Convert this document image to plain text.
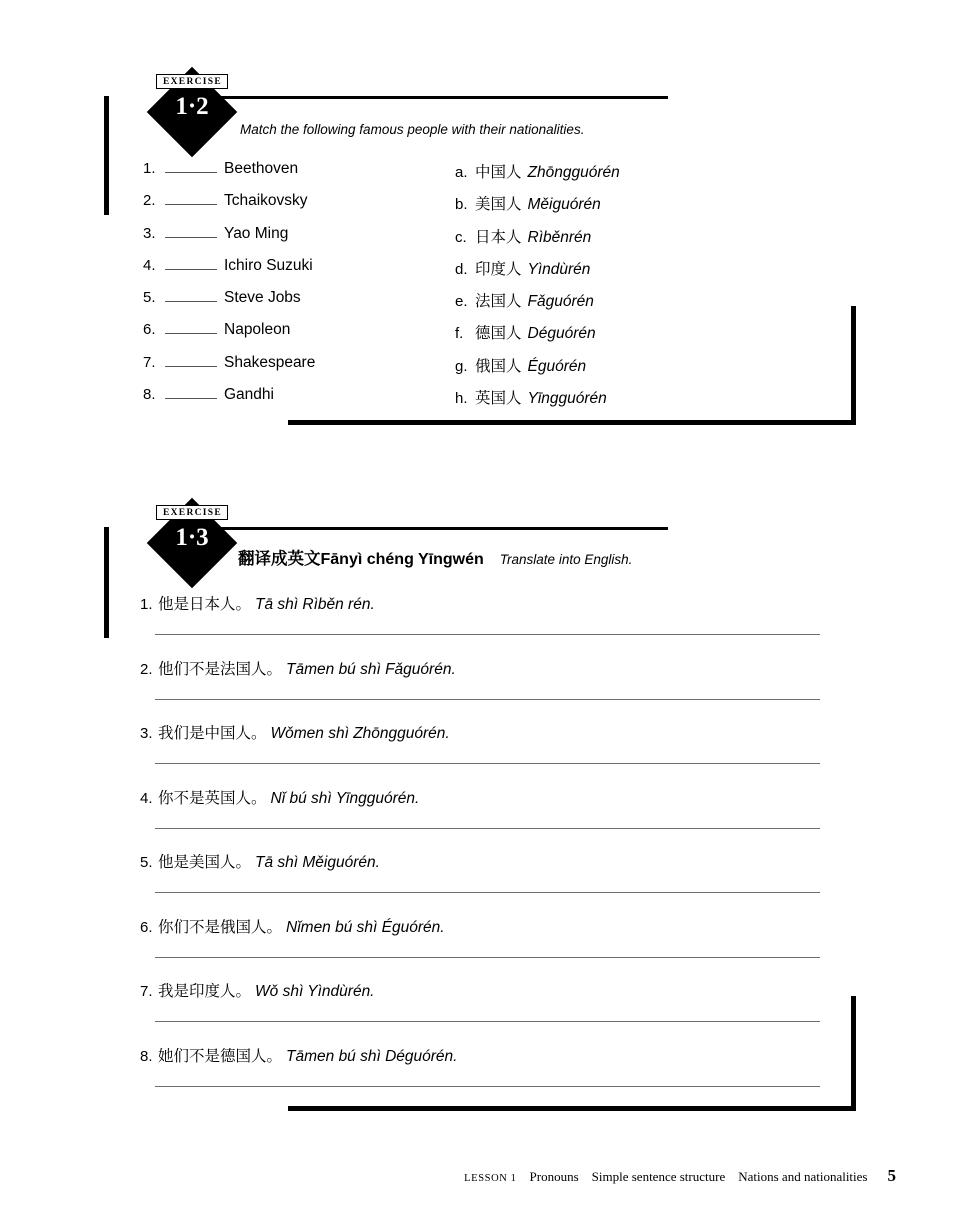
EXERCISE
1·2
Match the following famous people with their nationalities.
1.	Beethoven
2.	Tchaikovsky
3.	Yao Ming
4.	Ichiro Suzuki
5.	Steve Jobs
6.	Napoleon
7.	Shakespeare
8.	Gandhi
a. 中国人 Zhōngguórén
b. 美国人 Měiguórén
c. 日本人 Rìběnrén
d. 印度人 Yìndùrén
e. 法国人 Fǎguórén
f. 德国人 Déguórén
g. 俄国人 Éguórén
h. 英国人 Yīngguórén
EXERCISE
1·3
翻译成英文Fānyì chéng Yīngwén Translate into English.
1. 他是日本人。 Tā shì Rìběn rén.
2. 他们不是法国人。 Tāmen bú shì Fǎguórén.
3. 我们是中国人。 Wǒmen shì Zhōngguórén.
4. 你不是英国人。 Nǐ bú shì Yīngguórén.
5. 他是美国人。 Tā shì Měiguórén.
6. 你们不是俄国人。 Nǐmen bú shì Éguórén.
7. 我是印度人。 Wǒ shì Yìndùrén.
8. 她们不是德国人。 Tāmen bú shì Déguórén.
LESSON 1 Pronouns Simple sentence structure Nations and nationalities 5
